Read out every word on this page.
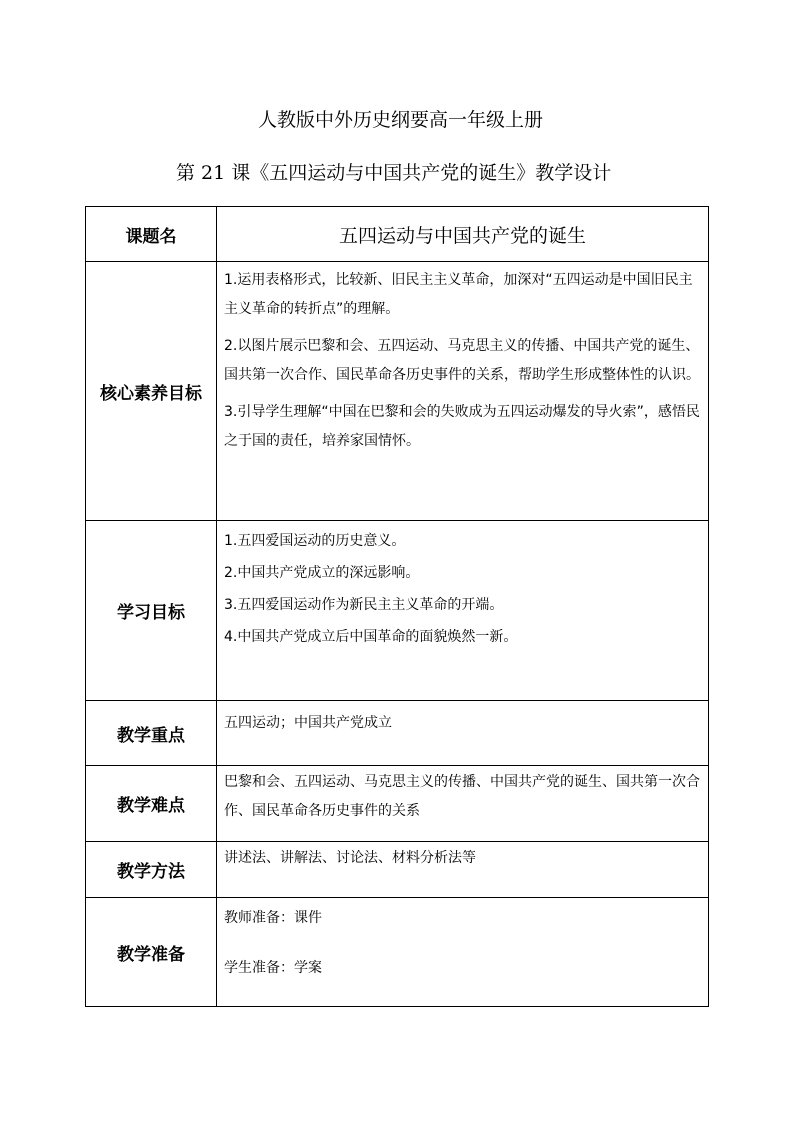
人教版中外历史纲要高一年级上册
第 21 课《五四运动与中国共产党的诞生》教学设计
课题名	五四运动与中国共产党的诞生
核心素养目标	1.运用表格形式，比较新、旧民主主义革命，加深对“五四运动是中国旧民主主义革命的转折点”的理解。

2.以图片展示巴黎和会、五四运动、马克思主义的传播、中国共产党的诞生、国共第一次合作、国民革命各历史事件的关系，帮助学生形成整体性的认识。

3.引导学生理解“中国在巴黎和会的失败成为五四运动爆发的导火索”，感悟民之于国的责任，培养家国情怀。

学习目标	1.五四爱国运动的历史意义。

2.中国共产党成立的深远影响。

3.五四爱国运动作为新民主主义革命的开端。

4.中国共产党成立后中国革命的面貌焕然一新。

教学重点	五四运动；中国共产党成立
教学难点	巴黎和会、五四运动、马克思主义的传播、中国共产党的诞生、国共第一次合作、国民革命各历史事件的关系
教学方法	讲述法、讲解法、讨论法、材料分析法等
教学准备	教师准备：课件

学生准备：学案
